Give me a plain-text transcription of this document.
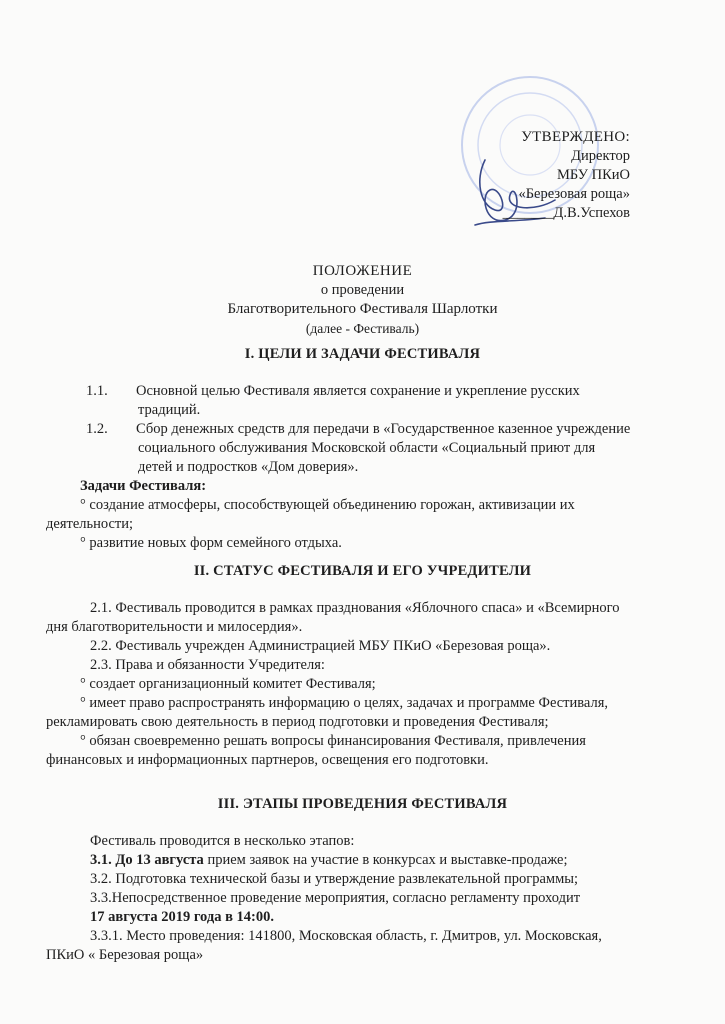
УТВЕРЖДЕНО:
Директор
МБУ ПКиО
«Березовая роща»
_______Д.В.Успехов
ПОЛОЖЕНИЕ
о проведении
Благотворительного Фестиваля Шарлотки
(далее - Фестиваль)
I. ЦЕЛИ И ЗАДАЧИ ФЕСТИВАЛЯ
1.1. Основной целью Фестиваля является сохранение и укрепление русских
традиций.
1.2. Сбор денежных средств для передачи в «Государственное казенное учреждение
социального обслуживания Московской области «Социальный приют для
детей и подростков «Дом доверия».
Задачи Фестиваля:
° создание атмосферы, способствующей объединению горожан, активизации их
деятельности;
° развитие новых форм семейного отдыха.
II. СТАТУС ФЕСТИВАЛЯ И ЕГО УЧРЕДИТЕЛИ
2.1. Фестиваль проводится в рамках празднования «Яблочного спаса» и «Всемирного
дня благотворительности и милосердия».
2.2. Фестиваль учрежден Администрацией МБУ ПКиО «Березовая роща».
2.3. Права и обязанности Учредителя:
° создает организационный комитет Фестиваля;
° имеет право распространять информацию о целях, задачах и программе Фестиваля,
рекламировать свою деятельность в период подготовки и проведения Фестиваля;
° обязан своевременно решать вопросы финансирования Фестиваля, привлечения
финансовых и информационных партнеров, освещения его подготовки.
III. ЭТАПЫ ПРОВЕДЕНИЯ ФЕСТИВАЛЯ
Фестиваль проводится в несколько этапов:
3.1. До 13 августа прием заявок на участие в конкурсах и выставке-продаже;
3.2. Подготовка технической базы и утверждение развлекательной программы;
3.3.Непосредственное проведение мероприятия, согласно регламенту проходит
17 августа 2019 года в 14:00.
3.3.1. Место проведения: 141800, Московская область, г. Дмитров, ул. Московская,
ПКиО « Березовая роща»
